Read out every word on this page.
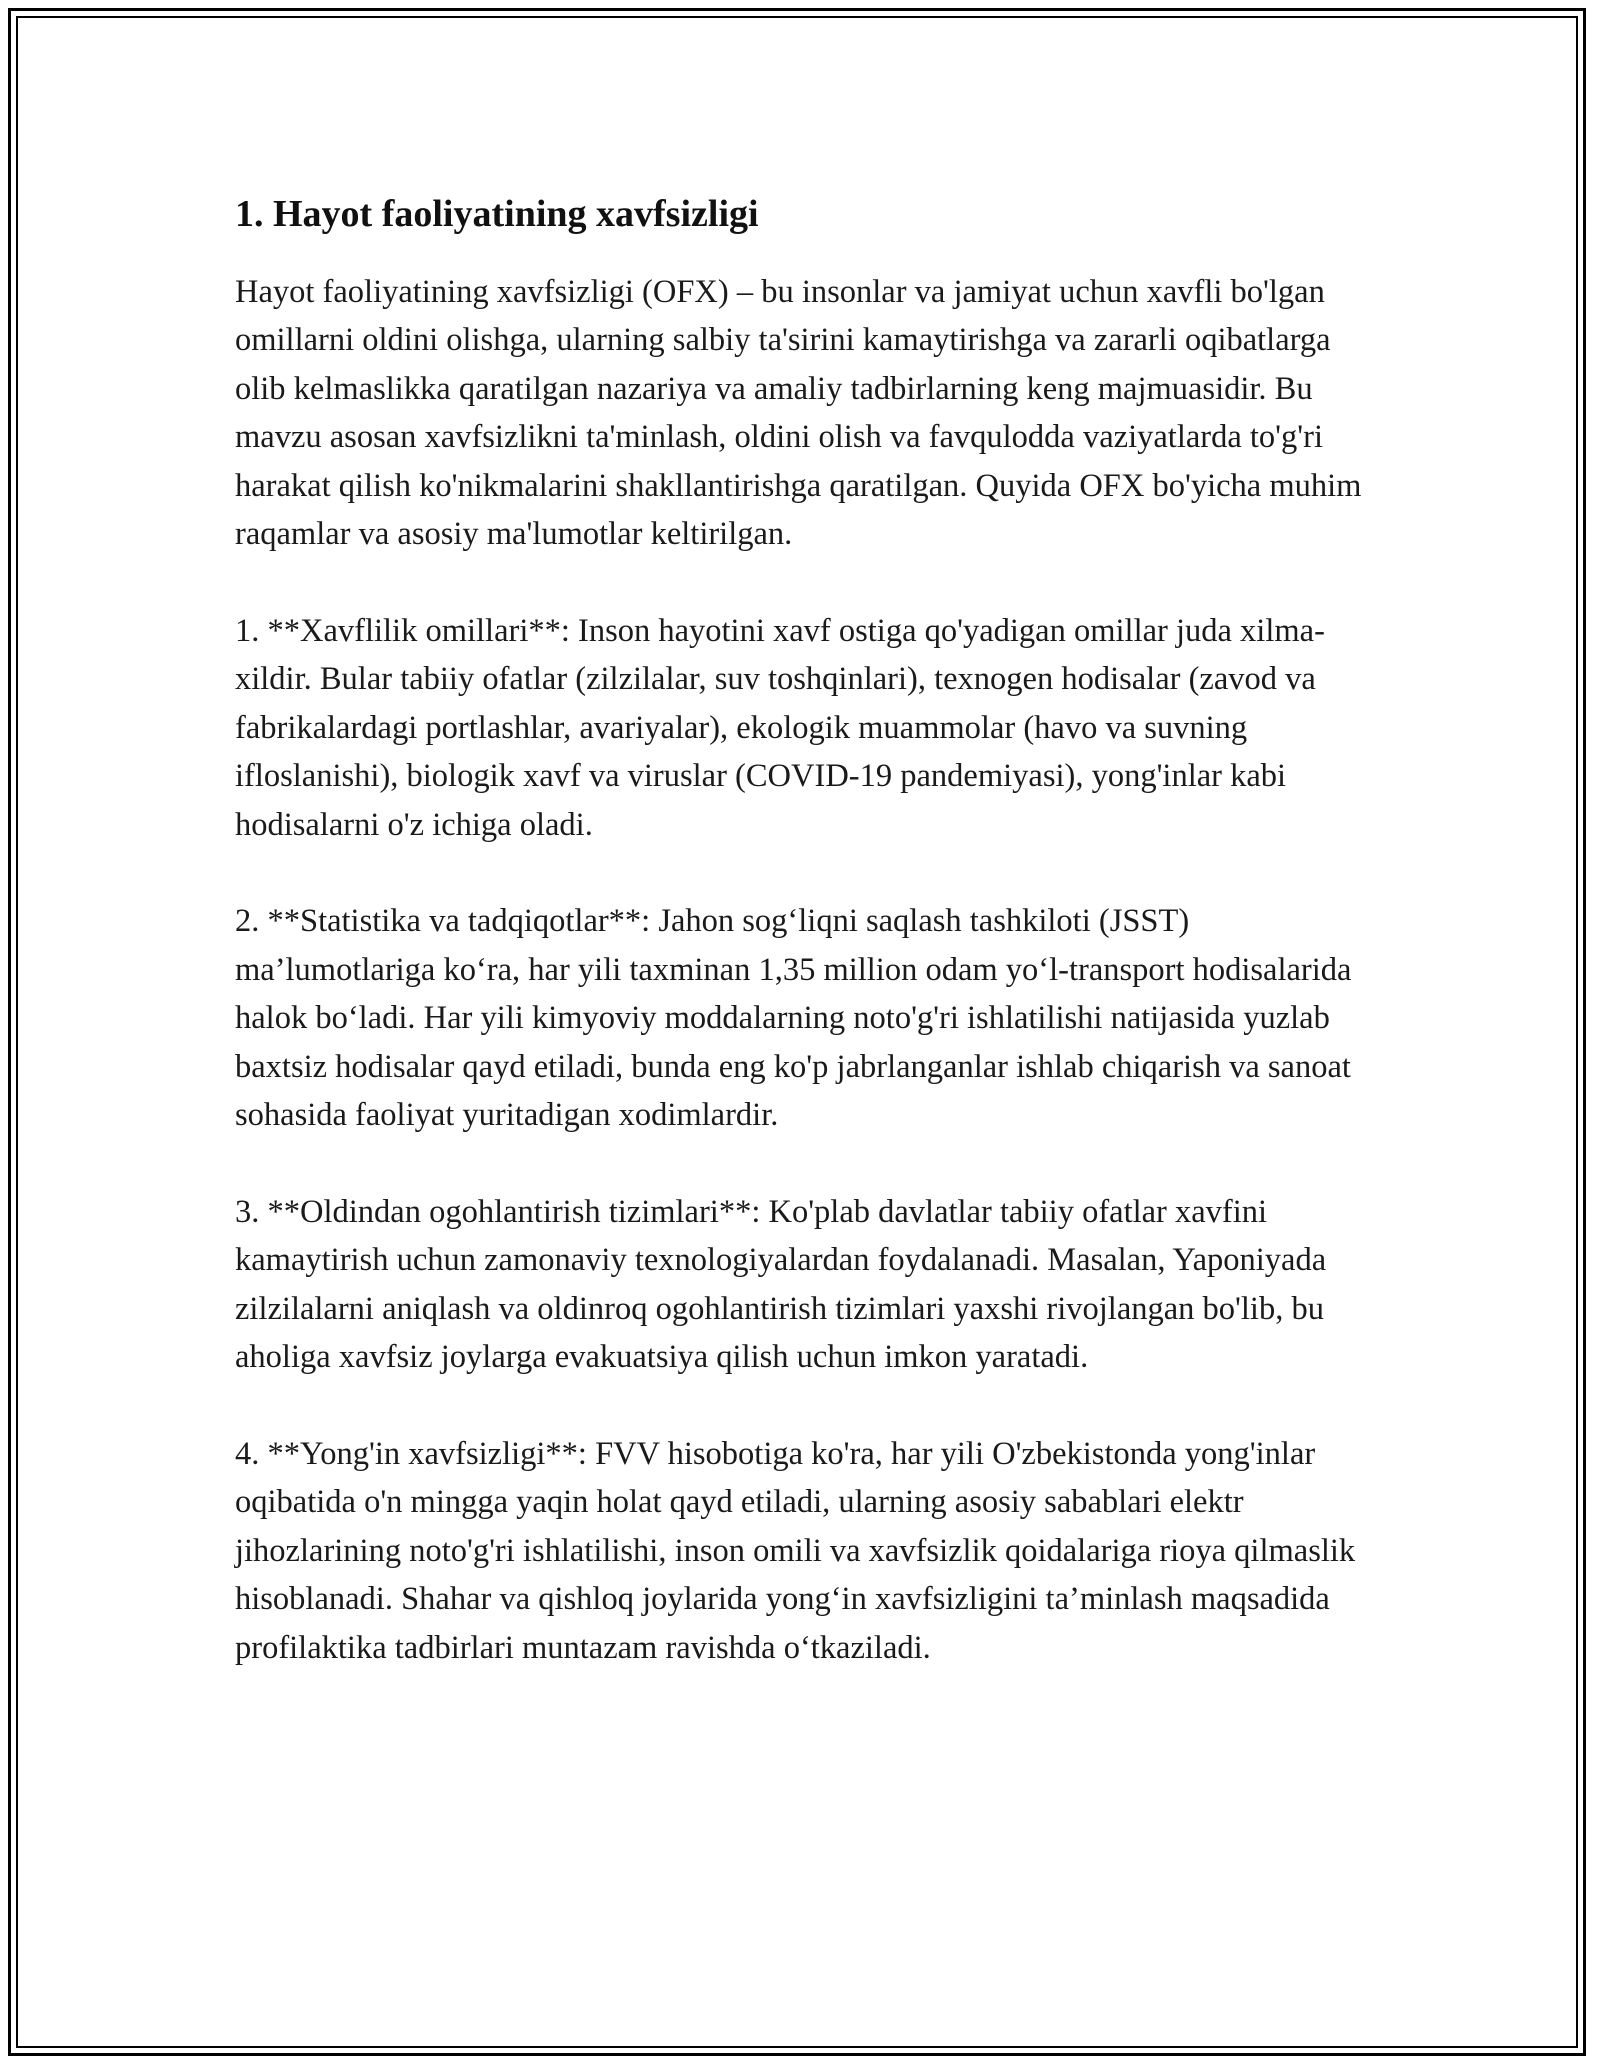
1. Hayot faoliyatining xavfsizligi

Hayot faoliyatining xavfsizligi (OFX) – bu insonlar va jamiyat uchun xavfli bo'lgan omillarni oldini olishga, ularning salbiy ta'sirini kamaytirishga va zararli oqibatlarga olib kelmaslikka qaratilgan nazariya va amaliy tadbirlarning keng majmuasidir. Bu mavzu asosan xavfsizlikni ta'minlash, oldini olish va favqulodda vaziyatlarda to'g'ri harakat qilish ko'nikmalarini shakllantirishga qaratilgan. Quyida OFX bo'yicha muhim raqamlar va asosiy ma'lumotlar keltirilgan.

1. **Xavflilik omillari**: Inson hayotini xavf ostiga qo'yadigan omillar juda xilma-xildir. Bular tabiiy ofatlar (zilzilalar, suv toshqinlari), texnogen hodisalar (zavod va fabrikalardagi portlashlar, avariyalar), ekologik muammolar (havo va suvning ifloslanishi), biologik xavf va viruslar (COVID-19 pandemiyasi), yong'inlar kabi hodisalarni o'z ichiga oladi.

2. **Statistika va tadqiqotlar**: Jahon sog‘liqni saqlash tashkiloti (JSST) ma’lumotlariga ko‘ra, har yili taxminan 1,35 million odam yo‘l-transport hodisalarida halok bo‘ladi. Har yili kimyoviy moddalarning noto'g'ri ishlatilishi natijasida yuzlab baxtsiz hodisalar qayd etiladi, bunda eng ko'p jabrlanganlar ishlab chiqarish va sanoat sohasida faoliyat yuritadigan xodimlardir.

3. **Oldindan ogohlantirish tizimlari**: Ko'plab davlatlar tabiiy ofatlar xavfini kamaytirish uchun zamonaviy texnologiyalardan foydalanadi. Masalan, Yaponiyada zilzilalarni aniqlash va oldinroq ogohlantirish tizimlari yaxshi rivojlangan bo'lib, bu aholiga xavfsiz joylarga evakuatsiya qilish uchun imkon yaratadi.

4. **Yong'in xavfsizligi**: FVV hisobotiga ko'ra, har yili O'zbekistonda yong'inlar oqibatida o'n mingga yaqin holat qayd etiladi, ularning asosiy sabablari elektr jihozlarining noto'g'ri ishlatilishi, inson omili va xavfsizlik qoidalariga rioya qilmaslik hisoblanadi. Shahar va qishloq joylarida yong‘in xavfsizligini ta’minlash maqsadida profilaktika tadbirlari muntazam ravishda o‘tkaziladi.
